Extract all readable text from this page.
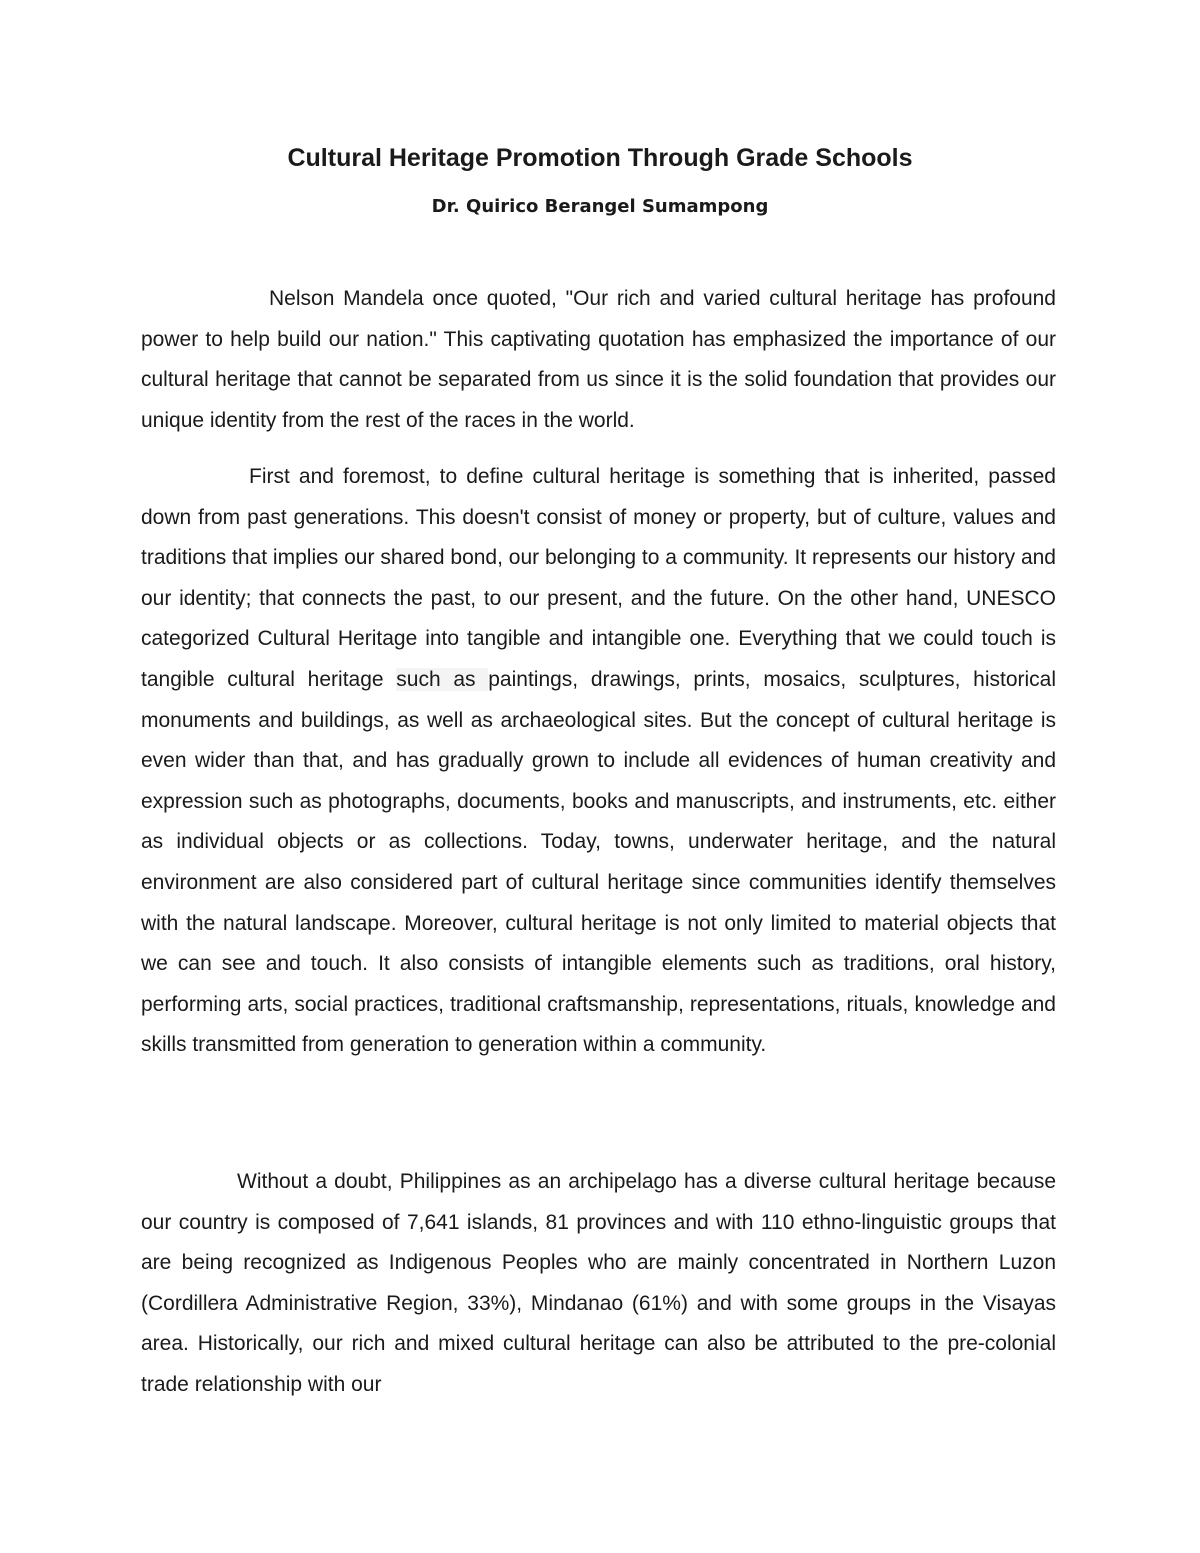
Cultural Heritage Promotion Through Grade Schools
Dr. Quirico Berangel Sumampong

Nelson Mandela once quoted, "Our rich and varied cultural heritage has profound power to help build our nation." This captivating quotation has emphasized the importance of our cultural heritage that cannot be separated from us since it is the solid foundation that provides our unique identity from the rest of the races in the world.

First and foremost, to define cultural heritage is something that is inherited, passed down from past generations. This doesn't consist of money or property, but of culture, values and traditions that implies our shared bond, our belonging to a community. It represents our history and our identity; that connects the past, to our present, and the future. On the other hand, UNESCO categorized Cultural Heritage into tangible and intangible one. Everything that we could touch is tangible cultural heritage such as paintings, drawings, prints, mosaics, sculptures, historical monuments and buildings, as well as archaeological sites. But the concept of cultural heritage is even wider than that, and has gradually grown to include all evidences of human creativity and expression such as photographs, documents, books and manuscripts, and instruments, etc. either as individual objects or as collections. Today, towns, underwater heritage, and the natural environment are also considered part of cultural heritage since communities identify themselves with the natural landscape. Moreover, cultural heritage is not only limited to material objects that we can see and touch. It also consists of intangible elements such as traditions, oral history, performing arts, social practices, traditional craftsmanship, representations, rituals, knowledge and skills transmitted from generation to generation within a community.

Without a doubt, Philippines as an archipelago has a diverse cultural heritage because our country is composed of 7,641 islands, 81 provinces and with 110 ethno-linguistic groups that are being recognized as Indigenous Peoples who are mainly concentrated in Northern Luzon (Cordillera Administrative Region, 33%), Mindanao (61%) and with some groups in the Visayas area. Historically, our rich and mixed cultural heritage can also be attributed to the pre-colonial trade relationship with our
